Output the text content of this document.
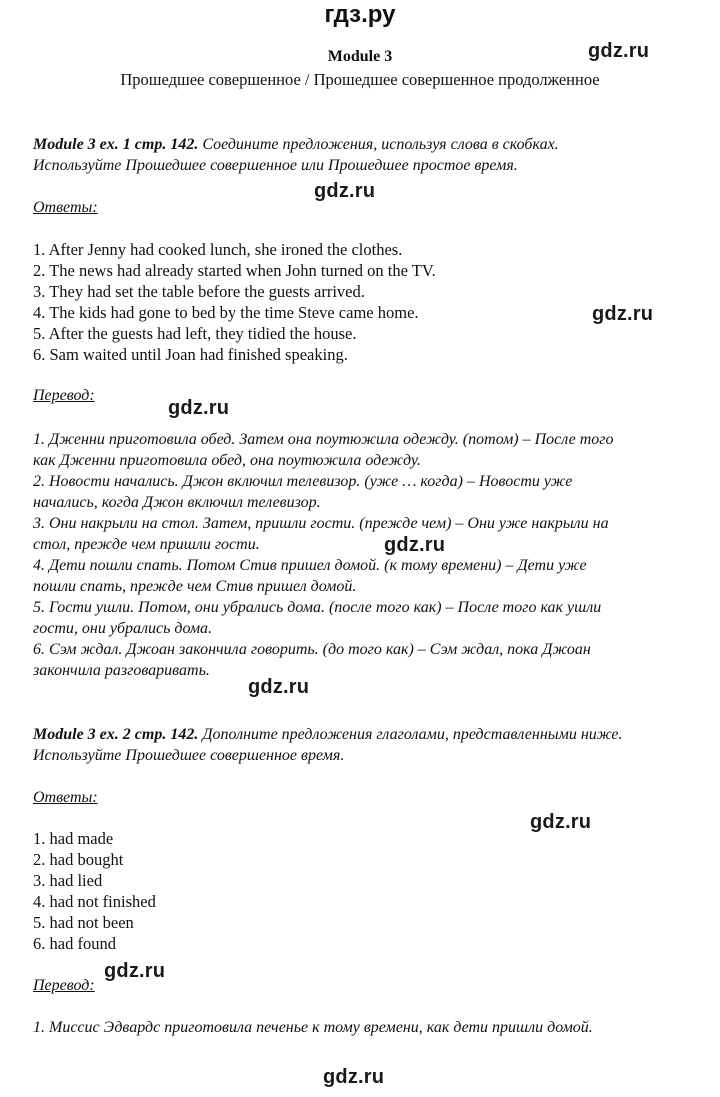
гдз.ру
Module 3
Прошедшее совершенное / Прошедшее совершенное продолженное
gdz.ru
gdz.ru
gdz.ru
gdz.ru
gdz.ru
gdz.ru
gdz.ru
gdz.ru
gdz.ru
Module 3 ex. 1 стр. 142. Соедините предложения, используя слова в скобках.
Используйте Прошедшее совершенное или Прошедшее простое время.
Ответы:
1. After Jenny had cooked lunch, she ironed the clothes.
2. The news had already started when John turned on the TV.
3. They had set the table before the guests arrived.
4. The kids had gone to bed by the time Steve came home.
5. After the guests had left, they tidied the house.
6. Sam waited until Joan had finished speaking.
Перевод:
1. Дженни приготовила обед. Затем она поутюжила одежду. (потом) – После того
как Дженни приготовила обед, она поутюжила одежду.
2. Новости начались. Джон включил телевизор. (уже … когда) – Новости уже
начались, когда Джон включил телевизор.
3. Они накрыли на стол. Затем, пришли гости. (прежде чем) – Они уже накрыли на
стол, прежде чем пришли гости.
4. Дети пошли спать. Потом Стив пришел домой. (к тому времени) – Дети уже
пошли спать, прежде чем Стив пришел домой.
5. Гости ушли. Потом, они убрались дома. (после того как) – После того как ушли
гости, они убрались дома.
6. Сэм ждал. Джоан закончила говорить. (до того как) – Сэм ждал, пока Джоан
закончила разговаривать.
Module 3 ex. 2 стр. 142. Дополните предложения глаголами, представленными ниже.
Используйте Прошедшее совершенное время.
Ответы:
1. had made
2. had bought
3. had lied
4. had not finished
5. had not been
6. had found
Перевод:
1. Миссис Эдвардс приготовила печенье к тому времени, как дети пришли домой.
